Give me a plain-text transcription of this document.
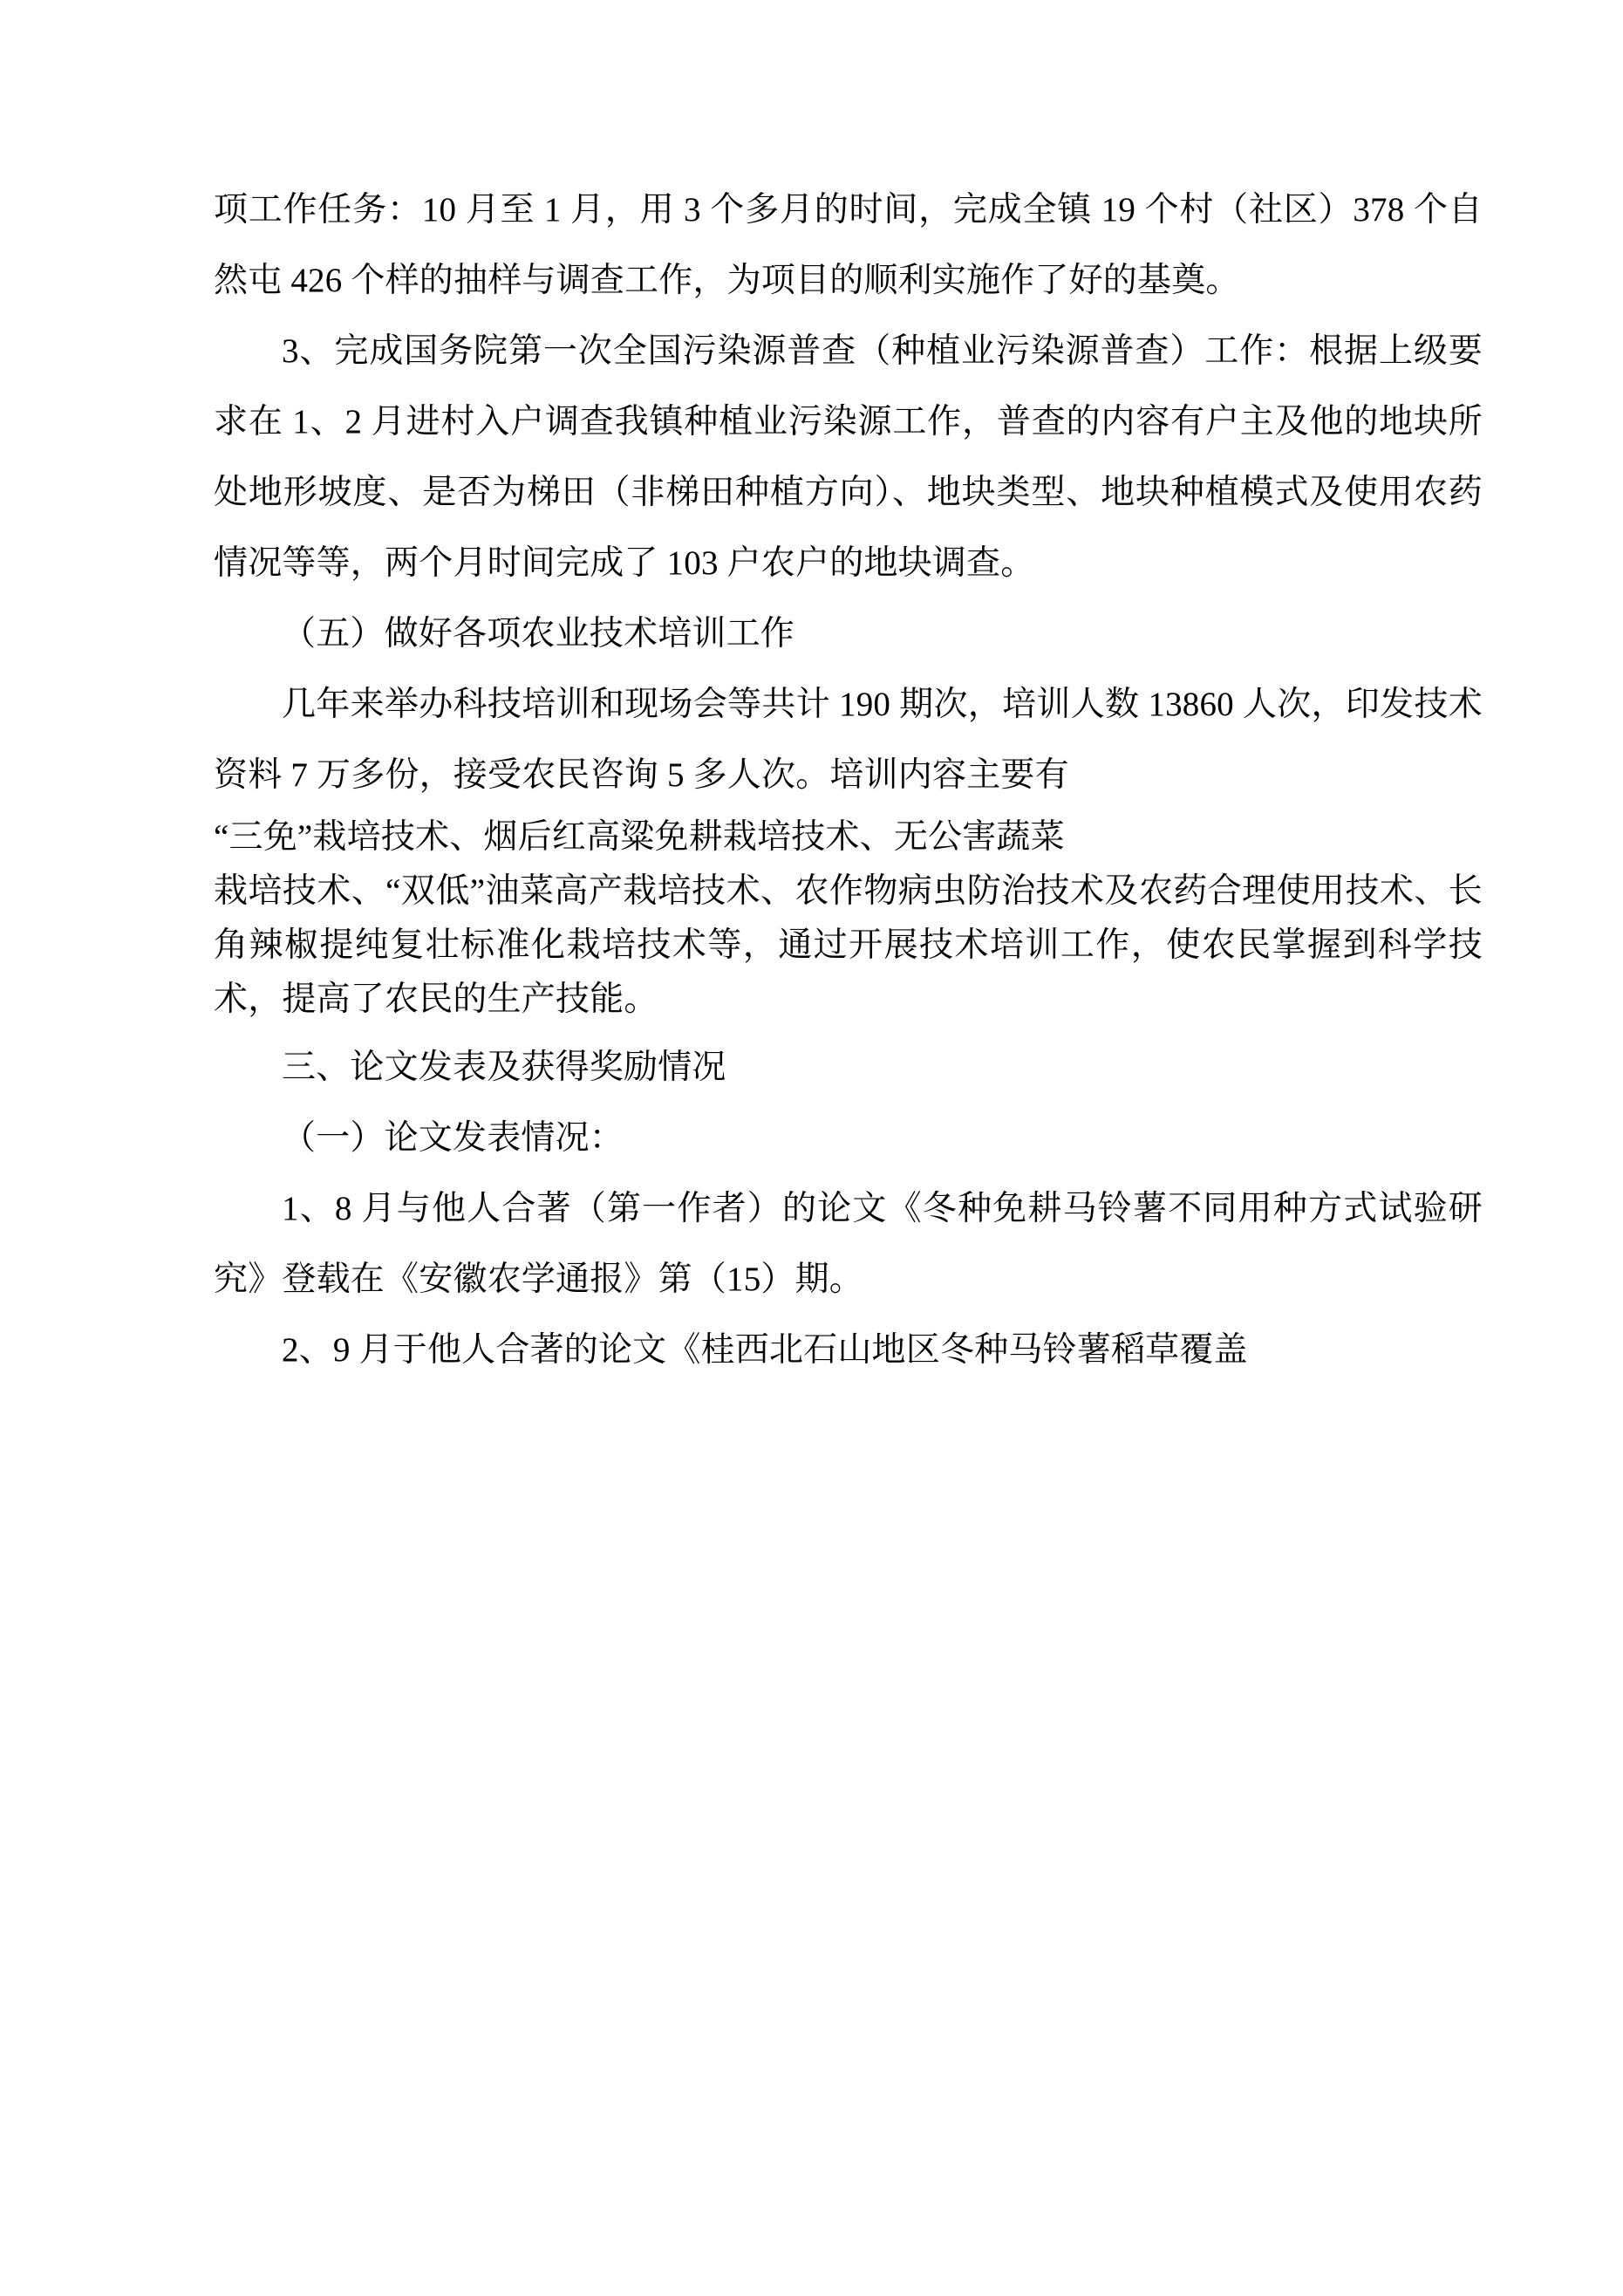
项工作任务：10 月至 1 月，用 3 个多月的时间，完成全镇 19 个村（社区）378 个自然屯 426 个样的抽样与调查工作，为项目的顺利实施作了好的基奠。

3、完成国务院第一次全国污染源普查（种植业污染源普查）工作：根据上级要求在 1、2 月进村入户调查我镇种植业污染源工作，普查的内容有户主及他的地块所处地形坡度、是否为梯田（非梯田种植方向）、地块类型、地块种植模式及使用农药情况等等，两个月时间完成了 103 户农户的地块调查。

（五）做好各项农业技术培训工作

几年来举办科技培训和现场会等共计 190 期次，培训人数 13860 人次，印发技术资料 7 万多份，接受农民咨询 5 多人次。培训内容主要有

“三免”栽培技术、烟后红高粱免耕栽培技术、无公害蔬菜

栽培技术、“双低”油菜高产栽培技术、农作物病虫防治技术及农药合理使用技术、长角辣椒提纯复壮标准化栽培技术等，通过开展技术培训工作，使农民掌握到科学技术，提高了农民的生产技能。

三、论文发表及获得奖励情况

（一）论文发表情况：

1、8 月与他人合著（第一作者）的论文《冬种免耕马铃薯不同用种方式试验研究》登载在《安徽农学通报》第（15）期。

2、9 月于他人合著的论文《桂西北石山地区冬种马铃薯稻草覆盖
